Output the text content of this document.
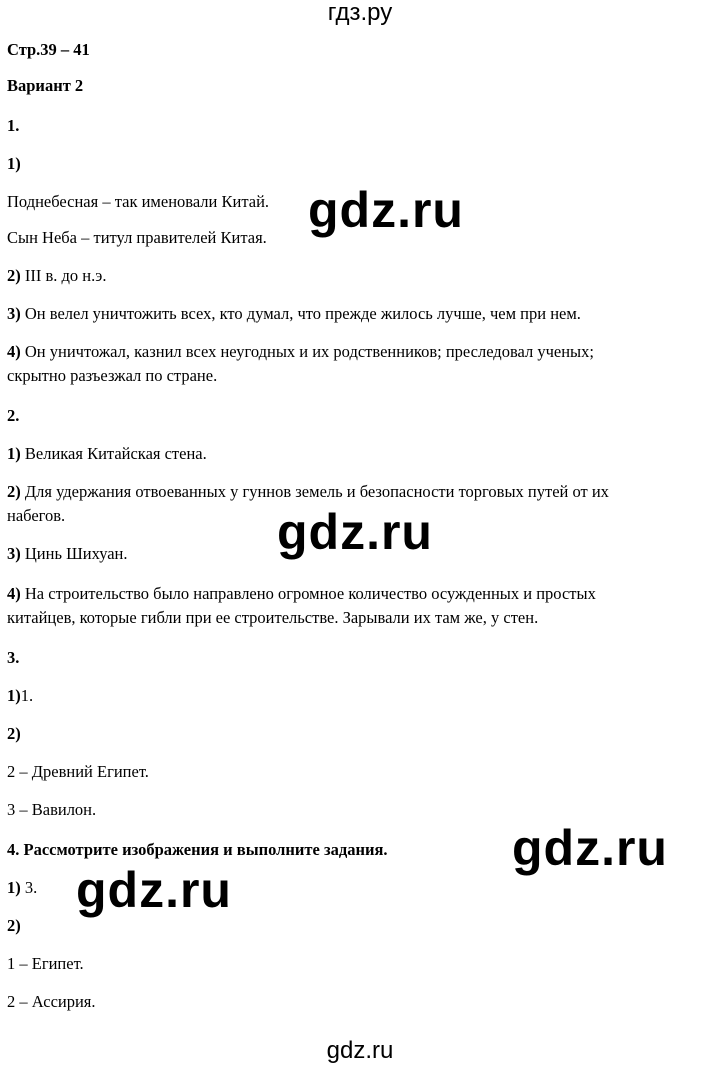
гдз.ру
Стр.39 – 41
Вариант 2
1.
1)
Поднебесная – так именовали Китай.
Сын Неба – титул правителей Китая.
2) III в. до н.э.
3) Он велел уничтожить всех, кто думал, что прежде жилось лучше, чем при нем.
4) Он уничтожал, казнил всех неугодных и их родственников; преследовал ученых;
скрытно разъезжал по стране.
2.
1) Великая Китайская стена.
2) Для удержания отвоеванных у гуннов земель и безопасности торговых путей от их
набегов.
3) Цинь Шихуан.
4) На строительство было направлено огромное количество осужденных и простых
китайцев, которые гибли при ее строительстве. Зарывали их там же, у стен.
3.
1)1.
2)
2 – Древний Египет.
3 – Вавилон.
4. Рассмотрите изображения и выполните задания.
1) 3.
2)
1 – Египет.
2 – Ассирия.
gdz.ru
gdz.ru
gdz.ru
gdz.ru
gdz.ru
